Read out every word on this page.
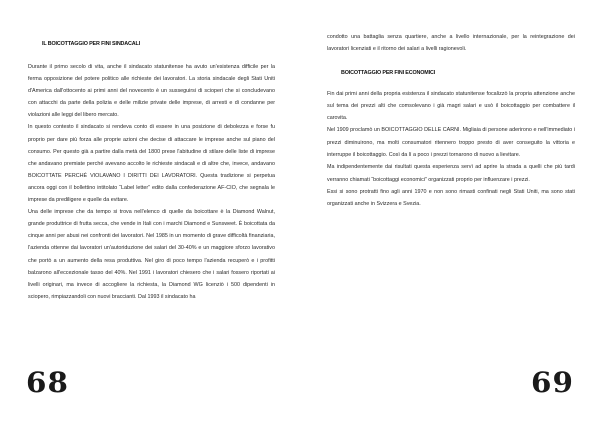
IL BOICOTTAGGIO PER FINI SINDACALI

Durante il primo secolo di vita, anche il sindacato statunitense ha avuto un'esistenza difficile per la ferma opposizione del potere politico alle richieste dei lavoratori. La storia sindacale degli Stati Uniti d'America dall'ottocento ai primi anni del novecento è un susseguirsi di scioperi che si concludevano con attacchi da parte della polizia e delle milizie private delle imprese, di arresti e di condanne per violazioni alle leggi del libero mercato.

In questo contesto il sindacato si rendeva conto di essere in una posizione di debolezza e forse fu proprio per dare più forza alle proprie azioni che decise di attaccare le imprese anche sul piano del consumo. Per questo già a partire dalla metà del 1800 prese l'abitudine di stilare delle liste di imprese che andavano premiate perché avevano accolto le richieste sindacali e di altre che, invece, andavano BOICOTTATE PERCHÉ VIOLAVANO I DIRITTI DEI LAVORATORI. Questa tradizione si perpetua ancora oggi con il bollettino intitolato “Label letter” edito dalla confederazione AF-CIO, che segnala le imprese da prediligere e quelle da evitare.

Una delle imprese che da tempo si trova nell'elenco di quelle da boicottare è la Diamond Walnut, grande produttrice di frutta secca, che vende in Itali con i marchi Diamond e Sunsweet. È boicottata da cinque anni per abusi nei confronti dei lavoratori. Nel 1985 in un momento di grave difficoltà finanziaria, l'azienda ottenne dai lavoratori un'autoriduzione dei salari del 30-40% e un maggiore sforzo lavorativo che portò a un aumento della resa produttiva. Nel giro di poco tempo l'azienda recuperò e i profitti balzarono all'eccezionale tasso del 40%. Nel 1991 i lavoratori chiesero che i salari fossero riportati ai livelli originari, ma invece di accogliere la richiesta, la Diamond WG licenziò i 500 dipendenti in sciopero, rimpiazzandoli con nuovi braccianti. Dal 1993 il sindacato ha

68

condotto una battaglia senza quartiere, anche a livello internazionale, per la reintegrazione dei lavoratori licenziati e il ritorno dei salari a livelli ragionevoli.

BOICOTTAGGIO PER FINI ECONOMICI

Fin dai primi anni della propria esistenza il sindacato statunitense focalizzò la propria attenzione anche sul tema dei prezzi alti che comsolevano i già magri salari e usò il boicottaggio per combattere il carovita.

Nel 1909 proclamò un BOICOTTAGGIO DELLE CARNI. Migliaia di persone aderirono e nell'immediato i prezzi diminuirono, ma molti consumatori ritennero troppo presto di aver conseguito la vittoria e interruppe il boicottaggio. Così da lì a poco i prezzi tornarono di nuovo a lievitare.

Ma indipendentemente dai risultati questa esperienza servì ad aprire la strada a quelli che più tardi verranno chiamati “boicottaggi economici” organizzati proprio per influenzare i prezzi.

Essi si sono protratti fino agli anni 1970 e non sono rimasti confinati negli Stati Uniti, ma sono stati organizzati anche in Svizzera e Svezia.

69
